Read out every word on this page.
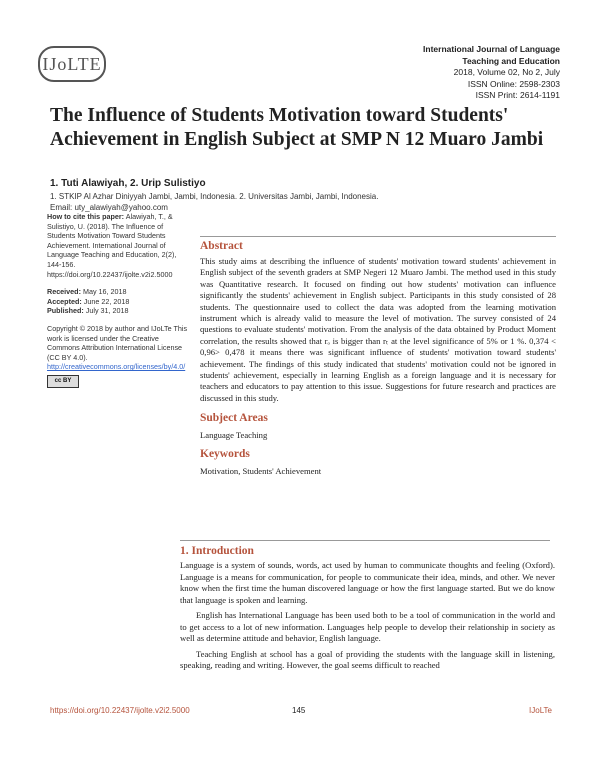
IJoLTE
International Journal of Language
Teaching and Education
2018, Volume 02, No 2, July
ISSN Online: 2598-2303
ISSN Print: 2614-1191
The Influence of Students Motivation toward Students' Achievement in English Subject at SMP N 12 Muaro Jambi
1. Tuti Alawiyah, 2. Urip Sulistiyo
1. STKIP Al Azhar Diniyyah Jambi, Jambi, Indonesia. 2. Universitas Jambi, Jambi, Indonesia.
Email: uty_alawiyah@yahoo.com
How to cite this paper: Alawiyah, T., & Sulistiyo, U. (2018). The Influence of Students Motivation Toward Students Achievement. International Journal of Language Teaching and Education, 2(2), 144-156. https://doi.org/10.22437/ijolte.v2i2.5000
Received: May 16, 2018
Accepted: June 22, 2018
Published: July 31, 2018
Copyright © 2018 by author and IJoLTe This work is licensed under the Creative Commons Attribution International License (CC BY 4.0).
http://creativecommons.org/licenses/by/4.0/
cc BY
Abstract

This study aims at describing the influence of students' motivation toward students' achievement in English subject of the seventh graders at SMP Negeri 12 Muaro Jambi. The method used in this study was Quantitative research. It focused on finding out how students' motivation can influence significantly the students' achievement in English subject. Participants in this study consisted of 28 students. The questionnaire used to collect the data was adopted from the learning motivation instrument which is already valid to measure the level of motivation. The survey consisted of 24 questions to evaluate students' motivation. From the analysis of the data obtained by Product Moment correlation, the results showed that rₒ is bigger than rₜ at the level significance of 5% or 1 %. 0,374 < 0,96> 0,478 it means there was significant influence of students' motivation toward students' achievement. The findings of this study indicated that students' motivation could not be ignored in students' achievement, especially in learning English as a foreign language and it is necessary for teachers and educators to pay attention to this issue. Suggestions for future research and practices are discussed in this study.

Subject Areas
Language Teaching
Keywords
Motivation, Students' Achievement
1. Introduction

Language is a system of sounds, words, act used by human to communicate thoughts and feeling (Oxford). Language is a means for communication, for people to communicate their idea, minds, and other. We never know when the first time the human discovered language or how the first language started. But we do know that language is spoken and learning.

English has International Language has been used both to be a tool of communication in the world and to get access to a lot of new information. Languages help people to develop their relationship in society as well as determine attitude and behavior, English language.

Teaching English at school has a goal of providing the students with the language skill in listening, speaking, reading and writing. However, the goal seems difficult to reached

https://doi.org/10.22437/ijolte.v2i2.5000	145	IJoLTe
